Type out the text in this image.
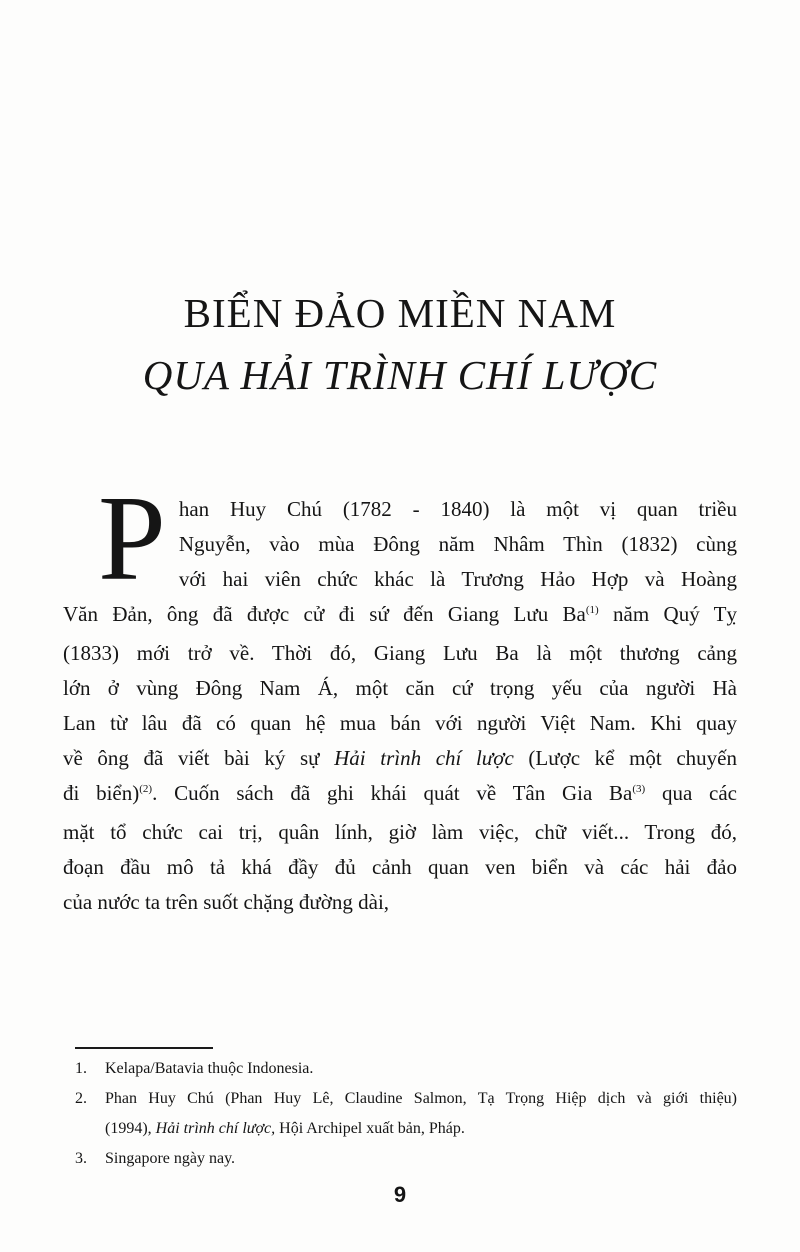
BIỂN ĐẢO MIỀN NAM
QUA HẢI TRÌNH CHÍ LƯỢC
P han Huy Chú (1782 - 1840) là một vị quan triều
Nguyễn, vào mùa Đông năm Nhâm Thìn (1832) cùng
với hai viên chức khác là Trương Hảo Hợp và Hoàng
Văn Đản, ông đã được cử đi sứ đến Giang Lưu Ba$^{(1)}$ năm Quý Tỵ
(1833) mới trở về. Thời đó, Giang Lưu Ba là một thương cảng
lớn ở vùng Đông Nam Á, một căn cứ trọng yếu của người Hà
Lan từ lâu đã có quan hệ mua bán với người Việt Nam. Khi quay
về ông đã viết bài ký sự Hải trình chí lược (Lược kể một chuyến
đi biển)$^{(2)}$. Cuốn sách đã ghi khái quát về Tân Gia Ba$^{(3)}$ qua các
mặt tổ chức cai trị, quân lính, giờ làm việc, chữ viết... Trong đó,
đoạn đầu mô tả khá đầy đủ cảnh quan ven biển và các hải đảo
của nước ta trên suốt chặng đường dài,
1. Kelapa/Batavia thuộc Indonesia.
2. Phan Huy Chú (Phan Huy Lê, Claudine Salmon, Tạ Trọng Hiệp dịch và giới thiệu)
(1994), Hải trình chí lược, Hội Archipel xuất bản, Pháp.
3. Singapore ngày nay.
9
